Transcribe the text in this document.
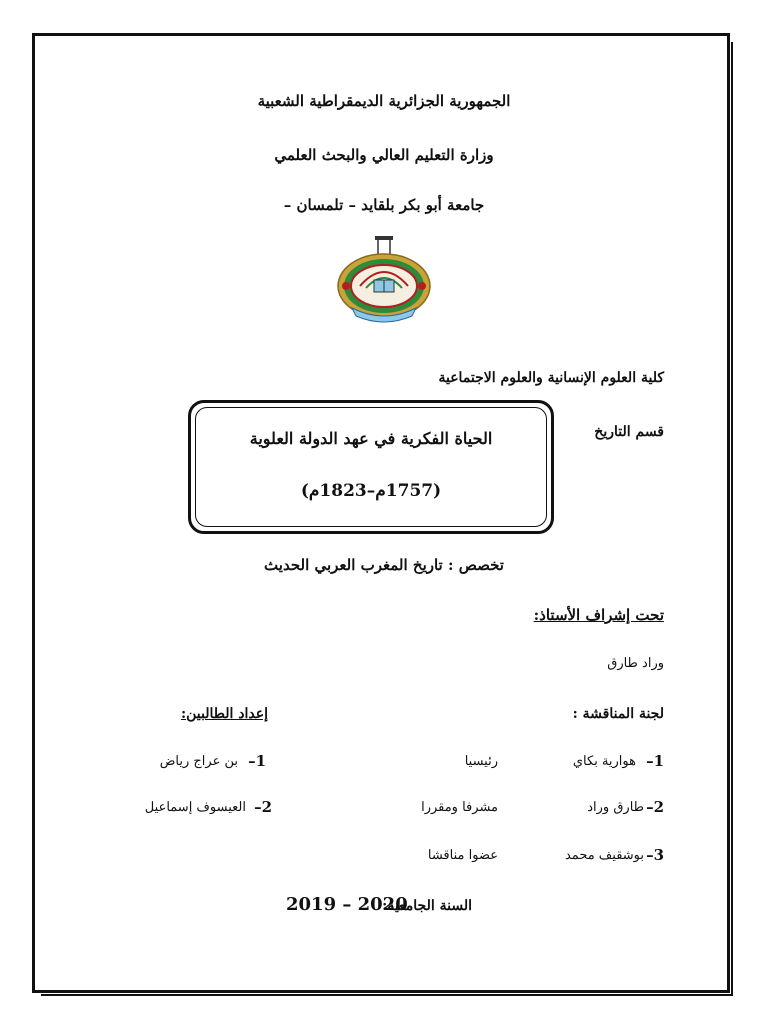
الجمهورية الجزائرية الديمقراطية الشعبية
وزارة التعليم العالي والبحث العلمي
جامعة أبو بكر بلقايد – تلمسان –
كلية العلوم الإنسانية والعلوم الاجتماعية
قسم التاريخ
الحياة الفكرية في عهد الدولة العلوية
(1757م–1823م)
تخصص : تاريخ المغرب العربي الحديث
تحت إشراف الأستاذ:
وراد طارق
لجنة المناقشة :
إعداد الطالبين:
1–
هوارية بكاي
رئيسيا
1–
بن عراج رياض
2–
طارق وراد
مشرفا ومقررا
2–
العيسوف إسماعيل
3–
بوشقيف محمد
عضوا مناقشا
السنة الجامعية:
2019 – 2020
